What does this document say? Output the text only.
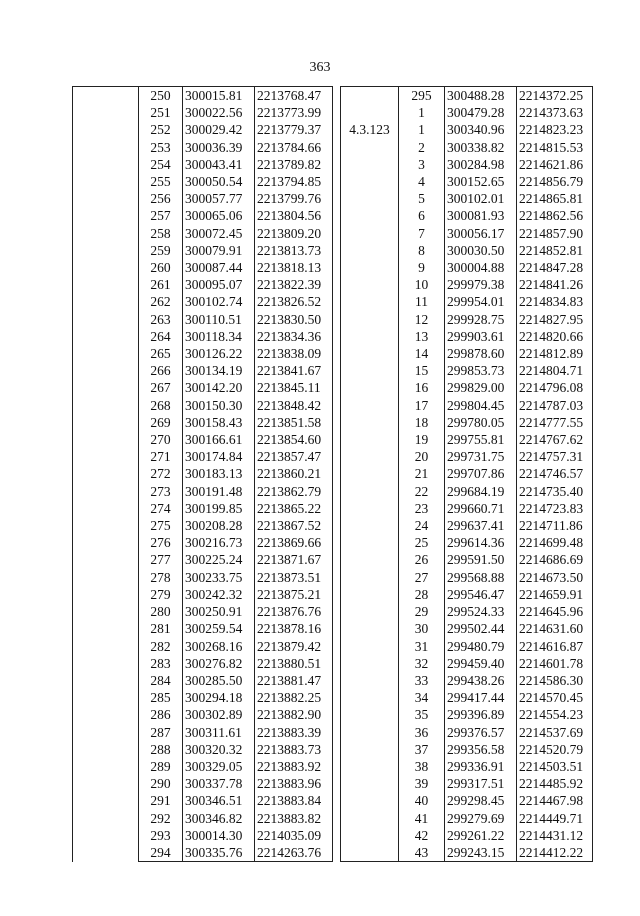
363
	250	300015.81	2213768.47
	251	300022.56	2213773.99
	252	300029.42	2213779.37
	253	300036.39	2213784.66
	254	300043.41	2213789.82
	255	300050.54	2213794.85
	256	300057.77	2213799.76
	257	300065.06	2213804.56
	258	300072.45	2213809.20
	259	300079.91	2213813.73
	260	300087.44	2213818.13
	261	300095.07	2213822.39
	262	300102.74	2213826.52
	263	300110.51	2213830.50
	264	300118.34	2213834.36
	265	300126.22	2213838.09
	266	300134.19	2213841.67
	267	300142.20	2213845.11
	268	300150.30	2213848.42
	269	300158.43	2213851.58
	270	300166.61	2213854.60
	271	300174.84	2213857.47
	272	300183.13	2213860.21
	273	300191.48	2213862.79
	274	300199.85	2213865.22
	275	300208.28	2213867.52
	276	300216.73	2213869.66
	277	300225.24	2213871.67
	278	300233.75	2213873.51
	279	300242.32	2213875.21
	280	300250.91	2213876.76
	281	300259.54	2213878.16
	282	300268.16	2213879.42
	283	300276.82	2213880.51
	284	300285.50	2213881.47
	285	300294.18	2213882.25
	286	300302.89	2213882.90
	287	300311.61	2213883.39
	288	300320.32	2213883.73
	289	300329.05	2213883.92
	290	300337.78	2213883.96
	291	300346.51	2213883.84
	292	300346.82	2213883.82
	293	300014.30	2214035.09
	294	300335.76	2214263.76
	295	300488.28	2214372.25
	1	300479.28	2214373.63
4.3.123	1	300340.96	2214823.23
	2	300338.82	2214815.53
	3	300284.98	2214621.86
	4	300152.65	2214856.79
	5	300102.01	2214865.81
	6	300081.93	2214862.56
	7	300056.17	2214857.90
	8	300030.50	2214852.81
	9	300004.88	2214847.28
	10	299979.38	2214841.26
	11	299954.01	2214834.83
	12	299928.75	2214827.95
	13	299903.61	2214820.66
	14	299878.60	2214812.89
	15	299853.73	2214804.71
	16	299829.00	2214796.08
	17	299804.45	2214787.03
	18	299780.05	2214777.55
	19	299755.81	2214767.62
	20	299731.75	2214757.31
	21	299707.86	2214746.57
	22	299684.19	2214735.40
	23	299660.71	2214723.83
	24	299637.41	2214711.86
	25	299614.36	2214699.48
	26	299591.50	2214686.69
	27	299568.88	2214673.50
	28	299546.47	2214659.91
	29	299524.33	2214645.96
	30	299502.44	2214631.60
	31	299480.79	2214616.87
	32	299459.40	2214601.78
	33	299438.26	2214586.30
	34	299417.44	2214570.45
	35	299396.89	2214554.23
	36	299376.57	2214537.69
	37	299356.58	2214520.79
	38	299336.91	2214503.51
	39	299317.51	2214485.92
	40	299298.45	2214467.98
	41	299279.69	2214449.71
	42	299261.22	2214431.12
	43	299243.15	2214412.22
